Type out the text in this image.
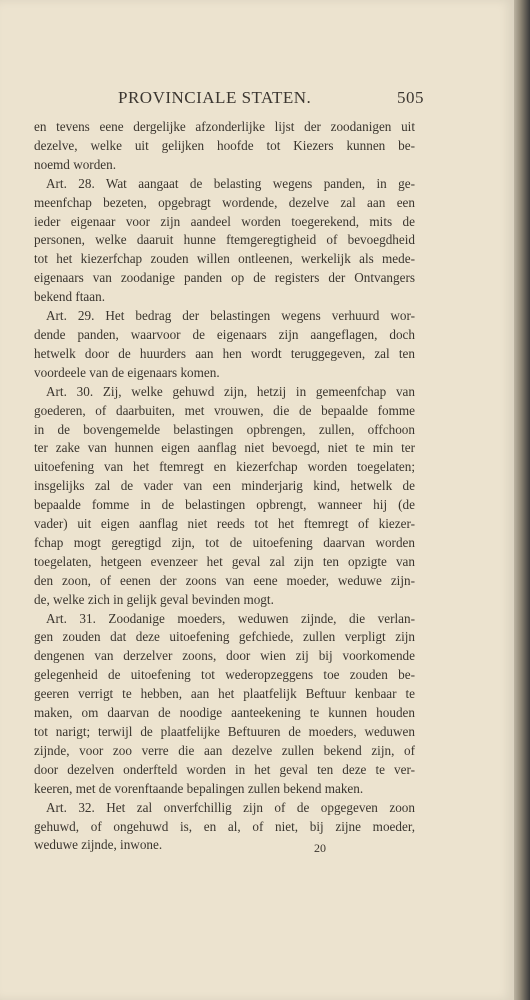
PROVINCIALE STATEN.	505
en tevens eene dergelijke afzonderlijke lijst der zoodanigen uit
dezelve, welke uit gelijken hoofde tot Kiezers kunnen be-
noemd worden.
Art. 28. Wat aangaat de belasting wegens panden, in ge-
meenfchap bezeten, opgebragt wordende, dezelve zal aan een
ieder eigenaar voor zijn aandeel worden toegerekend, mits de
personen, welke daaruit hunne ftemgeregtigheid of bevoegdheid
tot het kiezerfchap zouden willen ontleenen, werkelijk als mede-
eigenaars van zoodanige panden op de registers der Ontvangers
bekend ftaan.
Art. 29. Het bedrag der belastingen wegens verhuurd wor-
dende panden, waarvoor de eigenaars zijn aangeflagen, doch
hetwelk door de huurders aan hen wordt teruggegeven, zal ten
voordeele van de eigenaars komen.
Art. 30. Zij, welke gehuwd zijn, hetzij in gemeenfchap van
goederen, of daarbuiten, met vrouwen, die de bepaalde fomme
in de bovengemelde belastingen opbrengen, zullen, offchoon
ter zake van hunnen eigen aanflag niet bevoegd, niet te min ter
uitoefening van het ftemregt en kiezerfchap worden toegelaten;
insgelijks zal de vader van een minderjarig kind, hetwelk de
bepaalde fomme in de belastingen opbrengt, wanneer hij (de
vader) uit eigen aanflag niet reeds tot het ftemregt of kiezer-
fchap mogt geregtigd zijn, tot de uitoefening daarvan worden
toegelaten, hetgeen evenzeer het geval zal zijn ten opzigte van
den zoon, of eenen der zoons van eene moeder, weduwe zijn-
de, welke zich in gelijk geval bevinden mogt.
Art. 31. Zoodanige moeders, weduwen zijnde, die verlan-
gen zouden dat deze uitoefening gefchiede, zullen verpligt zijn
dengenen van derzelver zoons, door wien zij bij voorkomende
gelegenheid de uitoefening tot wederopzeggens toe zouden be-
geeren verrigt te hebben, aan het plaatfelijk Beftuur kenbaar te
maken, om daarvan de noodige aanteekening te kunnen houden
tot narigt; terwijl de plaatfelijke Beftuuren de moeders, weduwen
zijnde, voor zoo verre die aan dezelve zullen bekend zijn, of
door dezelven onderfteld worden in het geval ten deze te ver-
keeren, met de vorenftaande bepalingen zullen bekend maken.
Art. 32. Het zal onverfchillig zijn of de opgegeven zoon
gehuwd, of ongehuwd is, en al, of niet, bij zijne moeder,
weduwe zijnde, inwone.	20
